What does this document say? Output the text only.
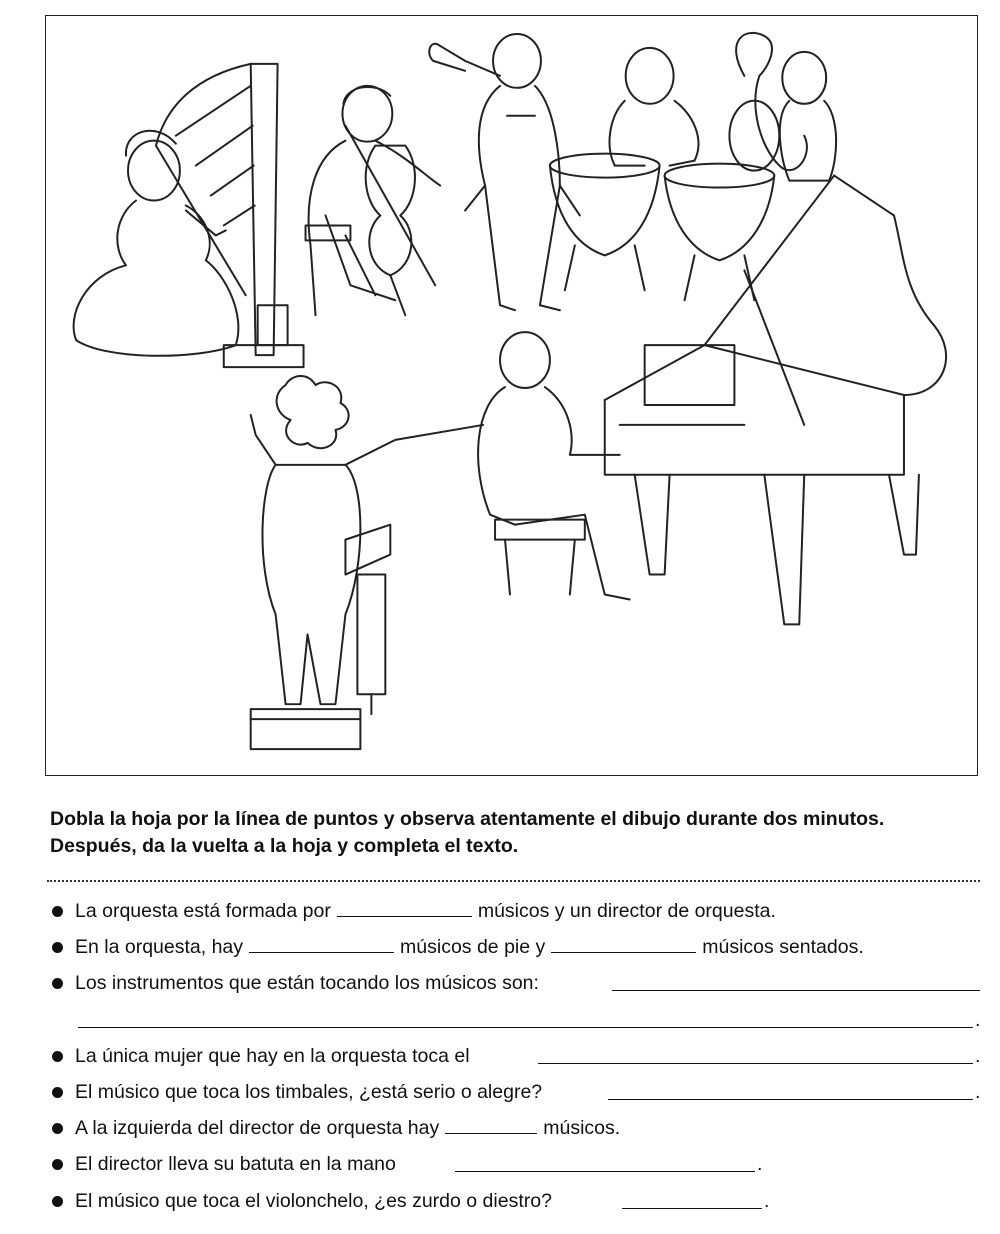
Dobla la hoja por la línea de puntos y observa atentamente el dibujo durante dos minutos.

Después, da la vuelta a la hoja y completa el texto.

La orquesta está formada por	músicos y un director de orquesta.
En la orquesta, hay	músicos de pie y	músicos sentados.
Los instrumentos que están tocando los músicos son:
.
La única mujer que hay en la orquesta toca el	.
El músico que toca los timbales, ¿está serio o alegre?	.
A la izquierda del director de orquesta hay	músicos.
El director lleva su batuta en la mano	.
El músico que toca el violonchelo, ¿es zurdo o diestro?	.
